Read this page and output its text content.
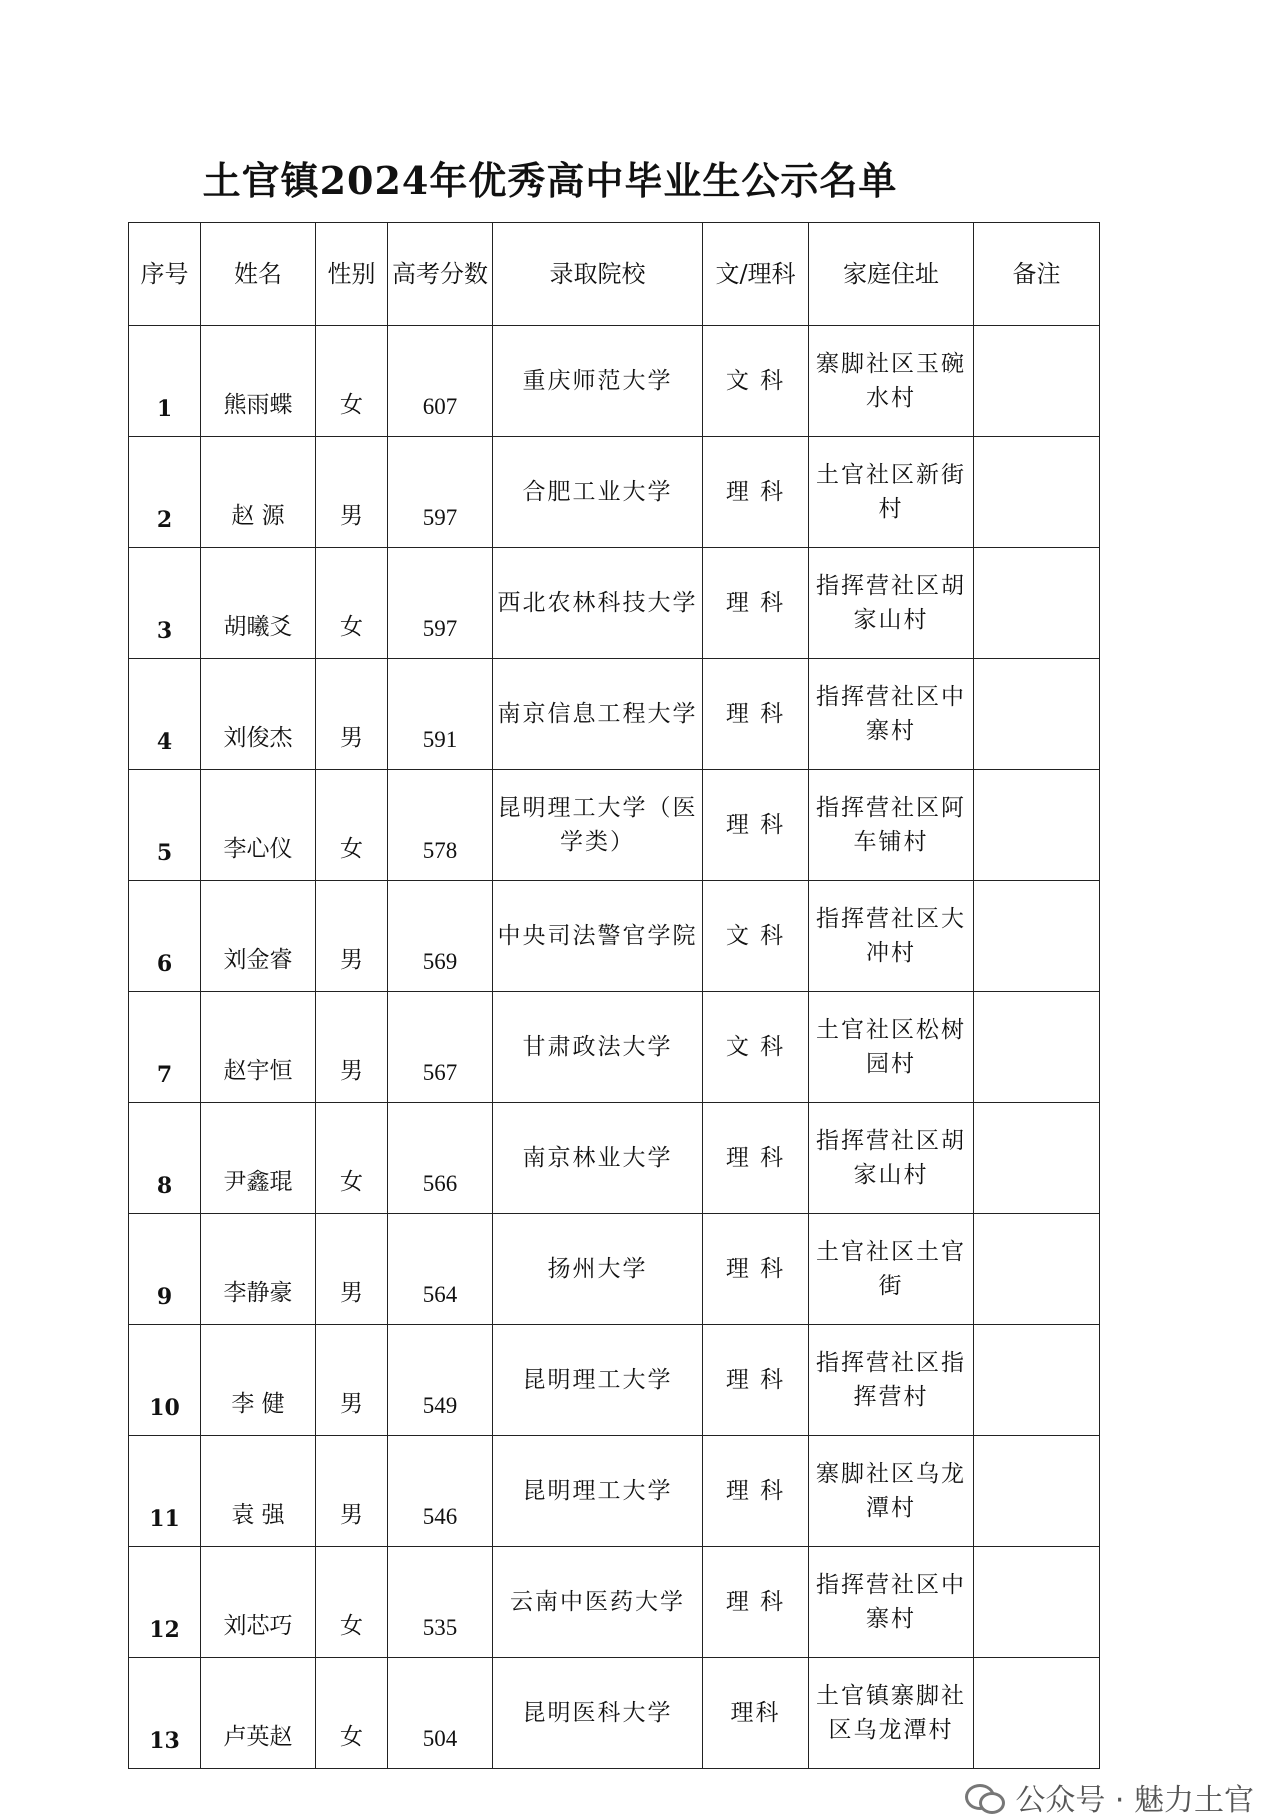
土官镇2024年优秀高中毕业生公示名单
序号	姓名	性别	高考分数	录取院校	文/理科	家庭住址	备注
1	熊雨蝶	女	607	重庆师范大学	文 科	寨脚社区玉碗水村	
2	赵 源	男	597	合肥工业大学	理 科	土官社区新街村	
3	胡曦爻	女	597	西北农林科技大学	理 科	指挥营社区胡家山村	
4	刘俊杰	男	591	南京信息工程大学	理 科	指挥营社区中寨村	
5	李心仪	女	578	昆明理工大学（医学类）	理 科	指挥营社区阿车铺村	
6	刘金睿	男	569	中央司法警官学院	文 科	指挥营社区大冲村	
7	赵宇恒	男	567	甘肃政法大学	文 科	土官社区松树园村	
8	尹鑫琨	女	566	南京林业大学	理 科	指挥营社区胡家山村	
9	李静豪	男	564	扬州大学	理 科	土官社区土官街	
10	李 健	男	549	昆明理工大学	理 科	指挥营社区指挥营村	
11	袁 强	男	546	昆明理工大学	理 科	寨脚社区乌龙潭村	
12	刘芯巧	女	535	云南中医药大学	理 科	指挥营社区中寨村	
13	卢英赵	女	504	昆明医科大学	理科	土官镇寨脚社区乌龙潭村	
公众号 · 魅力土官
